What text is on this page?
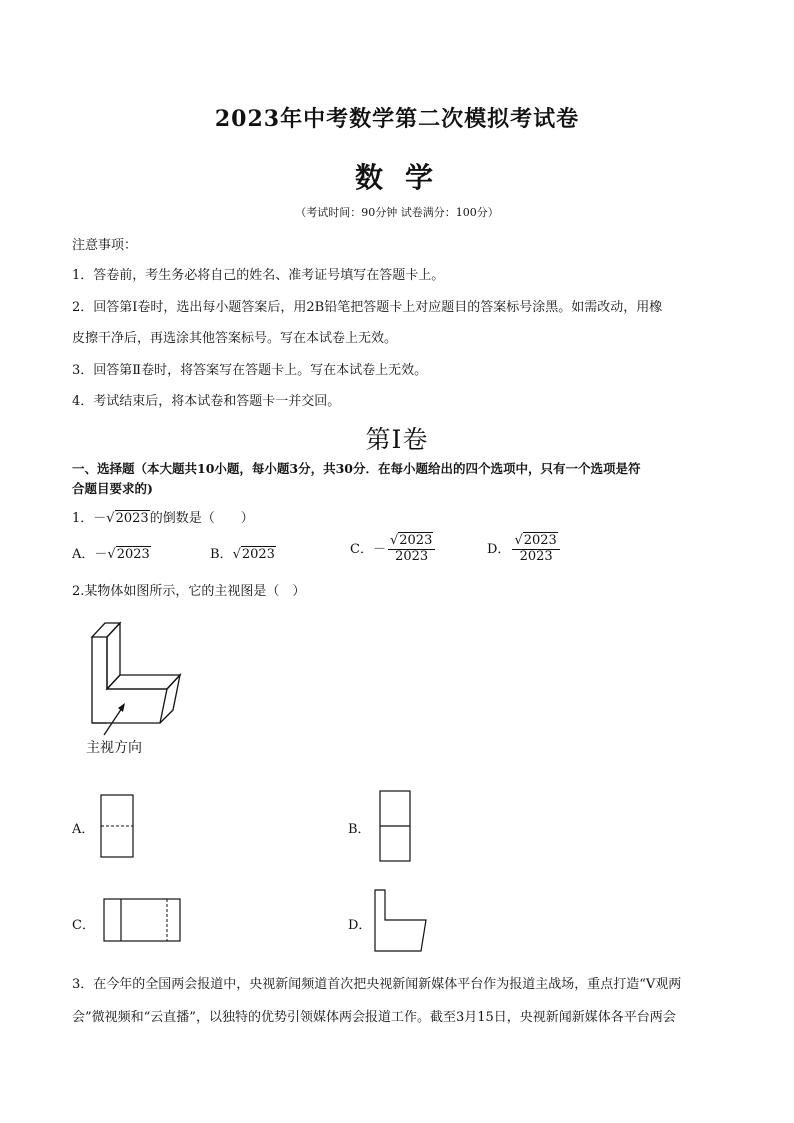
2023年中考数学第二次模拟考试卷
数学
（考试时间：90分钟 试卷满分：100分）
注意事项：
1．答卷前，考生务必将自己的姓名、准考证号填写在答题卡上。
2．回答第Ⅰ卷时，选出每小题答案后，用2B铅笔把答题卡上对应题目的答案标号涂黑。如需改动，用橡
皮擦干净后，再选涂其他答案标号。写在本试卷上无效。
3．回答第Ⅱ卷时，将答案写在答题卡上。写在本试卷上无效。
4．考试结束后，将本试卷和答题卡一并交回。
第Ⅰ卷
一、选择题（本大题共10小题，每小题3分，共30分．在每小题给出的四个选项中，只有一个选项是符
合题目要求的)
1．－√2023的倒数是（　　）
A．－√2023	B．√2023	C．－ $\frac{√2023}{2023}$	D． $\frac{√2023}{2023}$
2.某物体如图所示，它的主视图是（　）
主视方向
A．	B．
C．	D．
3．在今年的全国两会报道中，央视新闻频道首次把央视新闻新媒体平台作为报道主战场，重点打造“V观两
会”微视频和“云直播”，以独特的优势引领媒体两会报道工作。截至3月15日，央视新闻新媒体各平台两会
